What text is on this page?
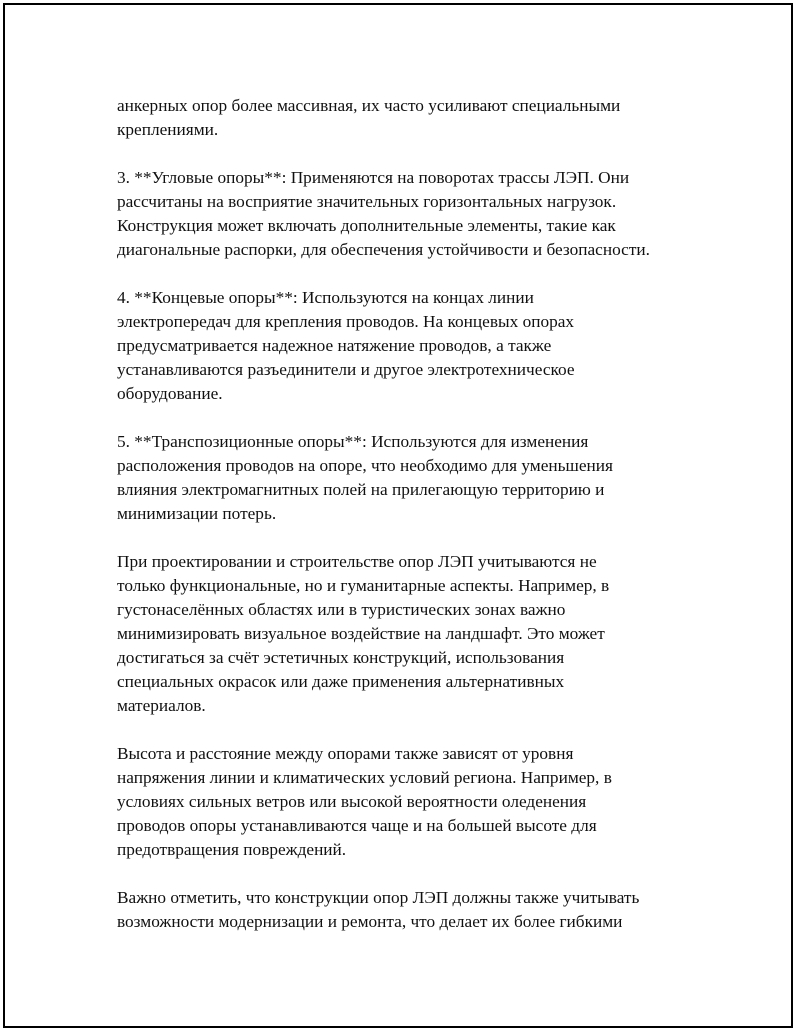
анкерных опор более массивная, их часто усиливают специальными
креплениями.

3. **Угловые опоры**: Применяются на поворотах трассы ЛЭП. Они
рассчитаны на восприятие значительных горизонтальных нагрузок.
Конструкция может включать дополнительные элементы, такие как
диагональные распорки, для обеспечения устойчивости и безопасности.

4. **Концевые опоры**: Используются на концах линии
электропередач для крепления проводов. На концевых опорах
предусматривается надежное натяжение проводов, а также
устанавливаются разъединители и другое электротехническое
оборудование.

5. **Транспозиционные опоры**: Используются для изменения
расположения проводов на опоре, что необходимо для уменьшения
влияния электромагнитных полей на прилегающую территорию и
минимизации потерь.

При проектировании и строительстве опор ЛЭП учитываются не
только функциональные, но и гуманитарные аспекты. Например, в
густонаселённых областях или в туристических зонах важно
минимизировать визуальное воздействие на ландшафт. Это может
достигаться за счёт эстетичных конструкций, использования
специальных окрасок или даже применения альтернативных
материалов.

Высота и расстояние между опорами также зависят от уровня
напряжения линии и климатических условий региона. Например, в
условиях сильных ветров или высокой вероятности оледенения
проводов опоры устанавливаются чаще и на большей высоте для
предотвращения повреждений.

Важно отметить, что конструкции опор ЛЭП должны также учитывать
возможности модернизации и ремонта, что делает их более гибкими
